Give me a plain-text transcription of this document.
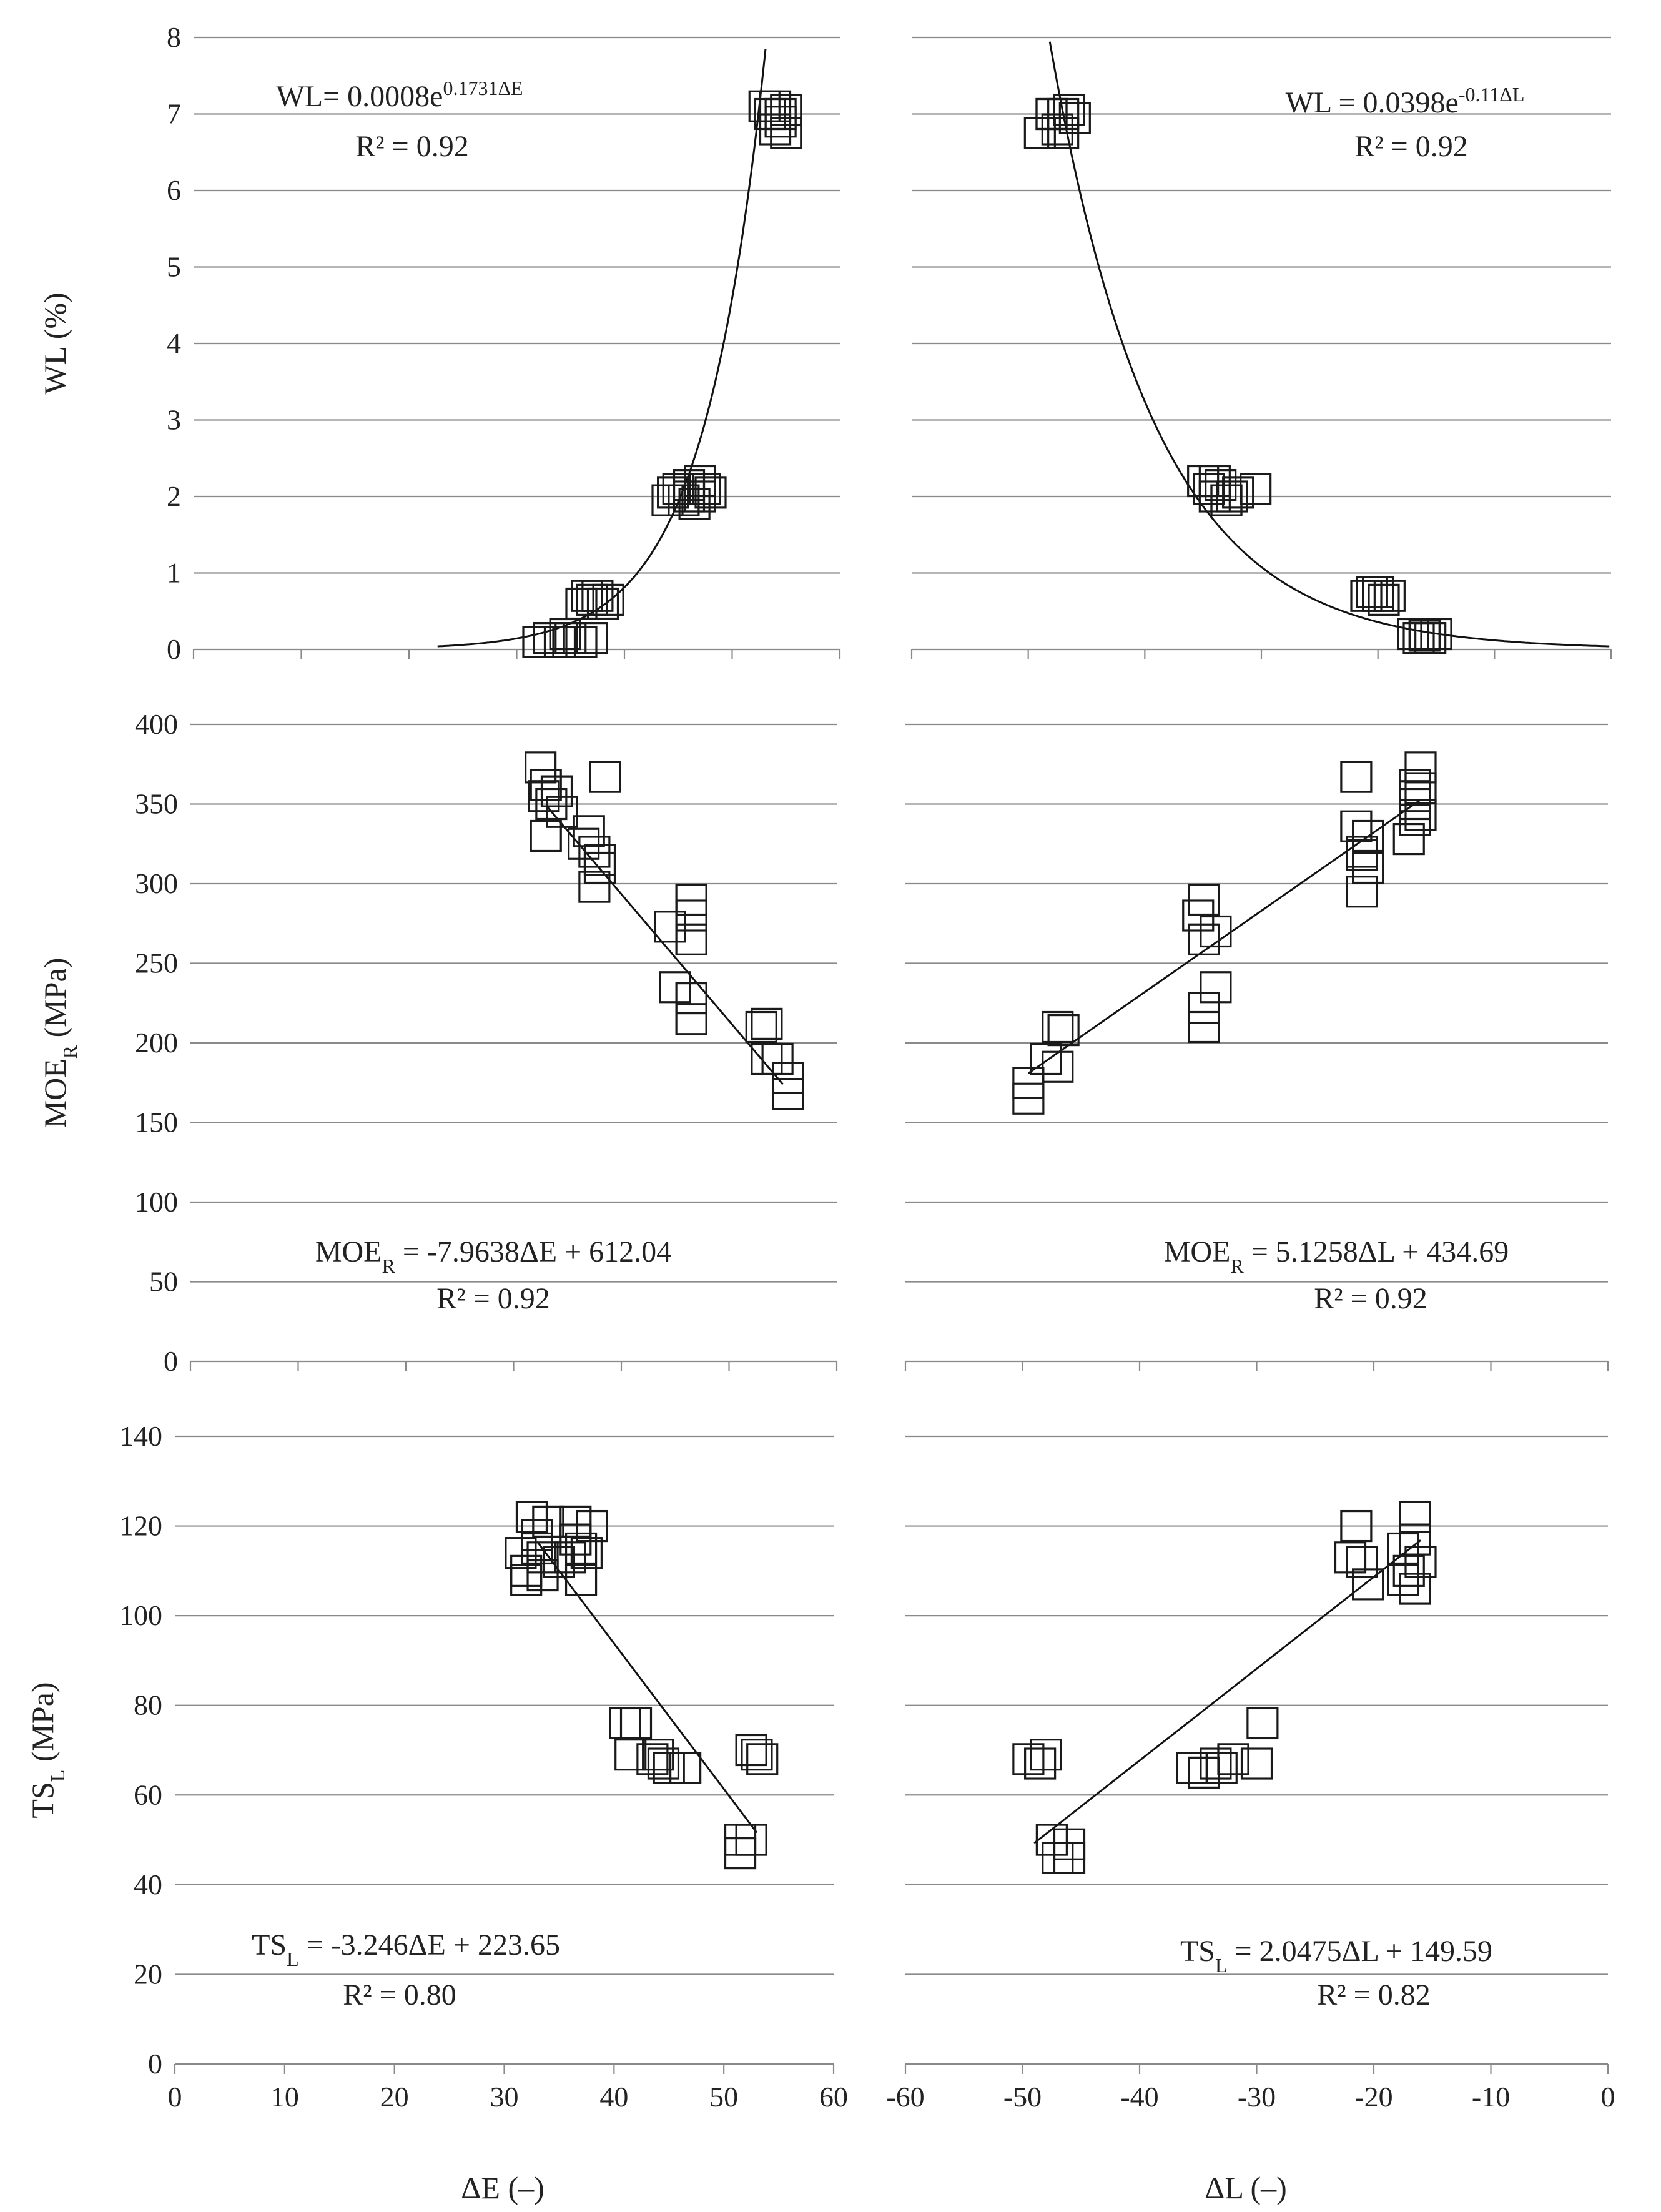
0
1
2
3
4
5
6
7
8
WL (%)
$WL= 0.0008e^{0.1731\Delta E}$
R² = 0.92
WL = $0.0398e^{-0.11\Delta L}$
R² = 0.92
0
50
100
150
200
250
300
350
400
$MOE_R$ (MPa)
$MOE_R = -7.9638\Delta E + 612.04$
R² = 0.92
$MOE_R = 5.1258\Delta L + 434.69$
R² = 0.92
0	10	20	30	40	50	60
0
20
40
60
80
100
120
140
$TS_L$ (MPa)
$TS_L = -3.246\Delta E + 223.65$
R² = 0.80
-60	-50	-40	-30	-20	-10	0
$TS_L = 2.0475\Delta L + 149.59$
R² = 0.82
ΔE (–)	ΔL (–)
